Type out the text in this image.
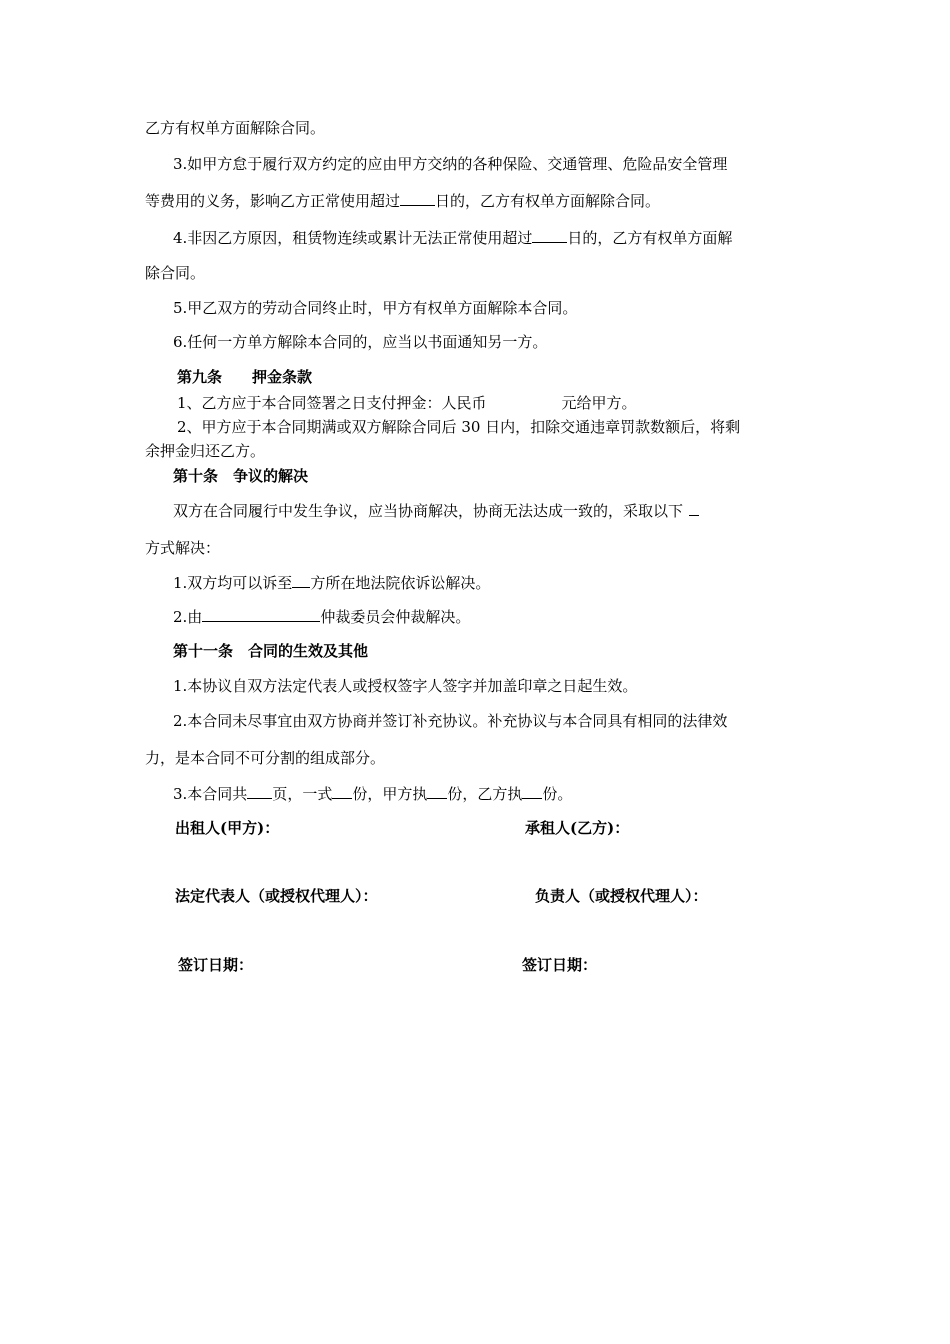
乙方有权单方面解除合同。
3.如甲方怠于履行双方约定的应由甲方交纳的各种保险、交通管理、危险品安全管理
等费用的义务，影响乙方正常使用超过 日的，乙方有权单方面解除合同。
4.非因乙方原因，租赁物连续或累计无法正常使用超过 日的，乙方有权单方面解
除合同。
5.甲乙双方的劳动合同终止时，甲方有权单方面解除本合同。
6.任何一方单方解除本合同的，应当以书面通知另一方。
第九条　　押金条款
1、乙方应于本合同签署之日支付押金：人民币	元给甲方。
2、甲方应于本合同期满或双方解除合同后 30 日内，扣除交通违章罚款数额后，将剩
余押金归还乙方。
第十条　争议的解决
双方在合同履行中发生争议，应当协商解决，协商无法达成一致的，采取以下
方式解决：
1.双方均可以诉至 方所在地法院依诉讼解决。
2.由	仲裁委员会仲裁解决。
第十一条　合同的生效及其他
1.本协议自双方法定代表人或授权签字人签字并加盖印章之日起生效。
2.本合同未尽事宜由双方协商并签订补充协议。补充协议与本合同具有相同的法律效
力，是本合同不可分割的组成部分。
3.本合同共 页，一式 份，甲方执 份，乙方执 份。
出租人(甲方)：	承租人(乙方)：
法定代表人（或授权代理人）：	负责人（或授权代理人）：
签订日期：	签订日期：
